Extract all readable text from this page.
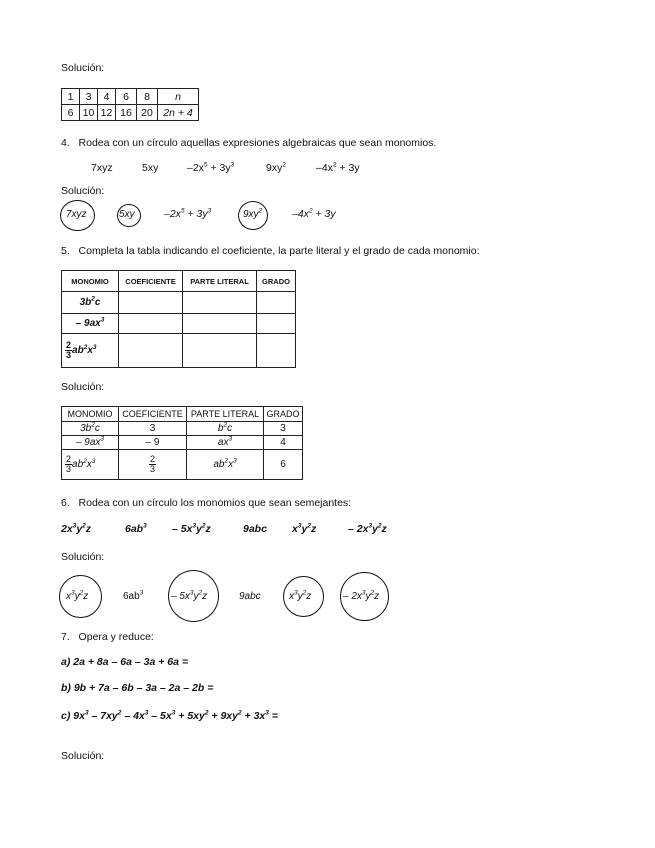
Solución:
1	3	4	6	8	n
6	10	12	16	20	2n + 4
4. Rodea con un círculo aquellas expresiones algebraicas que sean monomios.
7xyz	5xy	$-2x^5 + 3y^3$	$9xy^2$	$-4x^2 + 3y$
Solución:
7xyz	5xy	$-2x^5 + 3y^3$	$9xy^2$	$-4x^2 + 3y$
5. Completa la tabla indicando el coeficiente, la parte literal y el grado de cada monomio:
MONOMIO	COEFICIENTE	PARTE LITERAL	GRADO
$3b^2c$			
– $9ax^3$			

$\frac{2}{3} ab^2x^3$			
Solución:
MONOMIO	COEFICIENTE	PARTE LITERAL	GRADO
$3b^2c$	3	$b^2c$	3
– $9ax^3$	– 9	$ax^3$	4

$\frac{2}{3} ab^2x^3$	$\frac{2}{3}$	$ab^2x^3$	6
6. Rodea con un círculo los monomios que sean semejantes:
$2x^3y^2z$	$6ab^3 - 5x^3y^2z$	9abc $x^3y^2z$	– $2x^3y^2z$
Solución:
$x^3y^2z$	$6ab^3$	– $5x^3y^2z$	9abc	$x^3y^2z$	– $2x^3y^2z$
7. Opera y reduce:
a) 2a + 8a – 6a – 3a + 6a =
b) 9b + 7a – 6b – 3a – 2a – 2b =
c) $9x^3 - 7xy^2 - 4x^3 - 5x^3 + 5xy^2 + 9xy^2 + 3x^3$ =
Solución:
